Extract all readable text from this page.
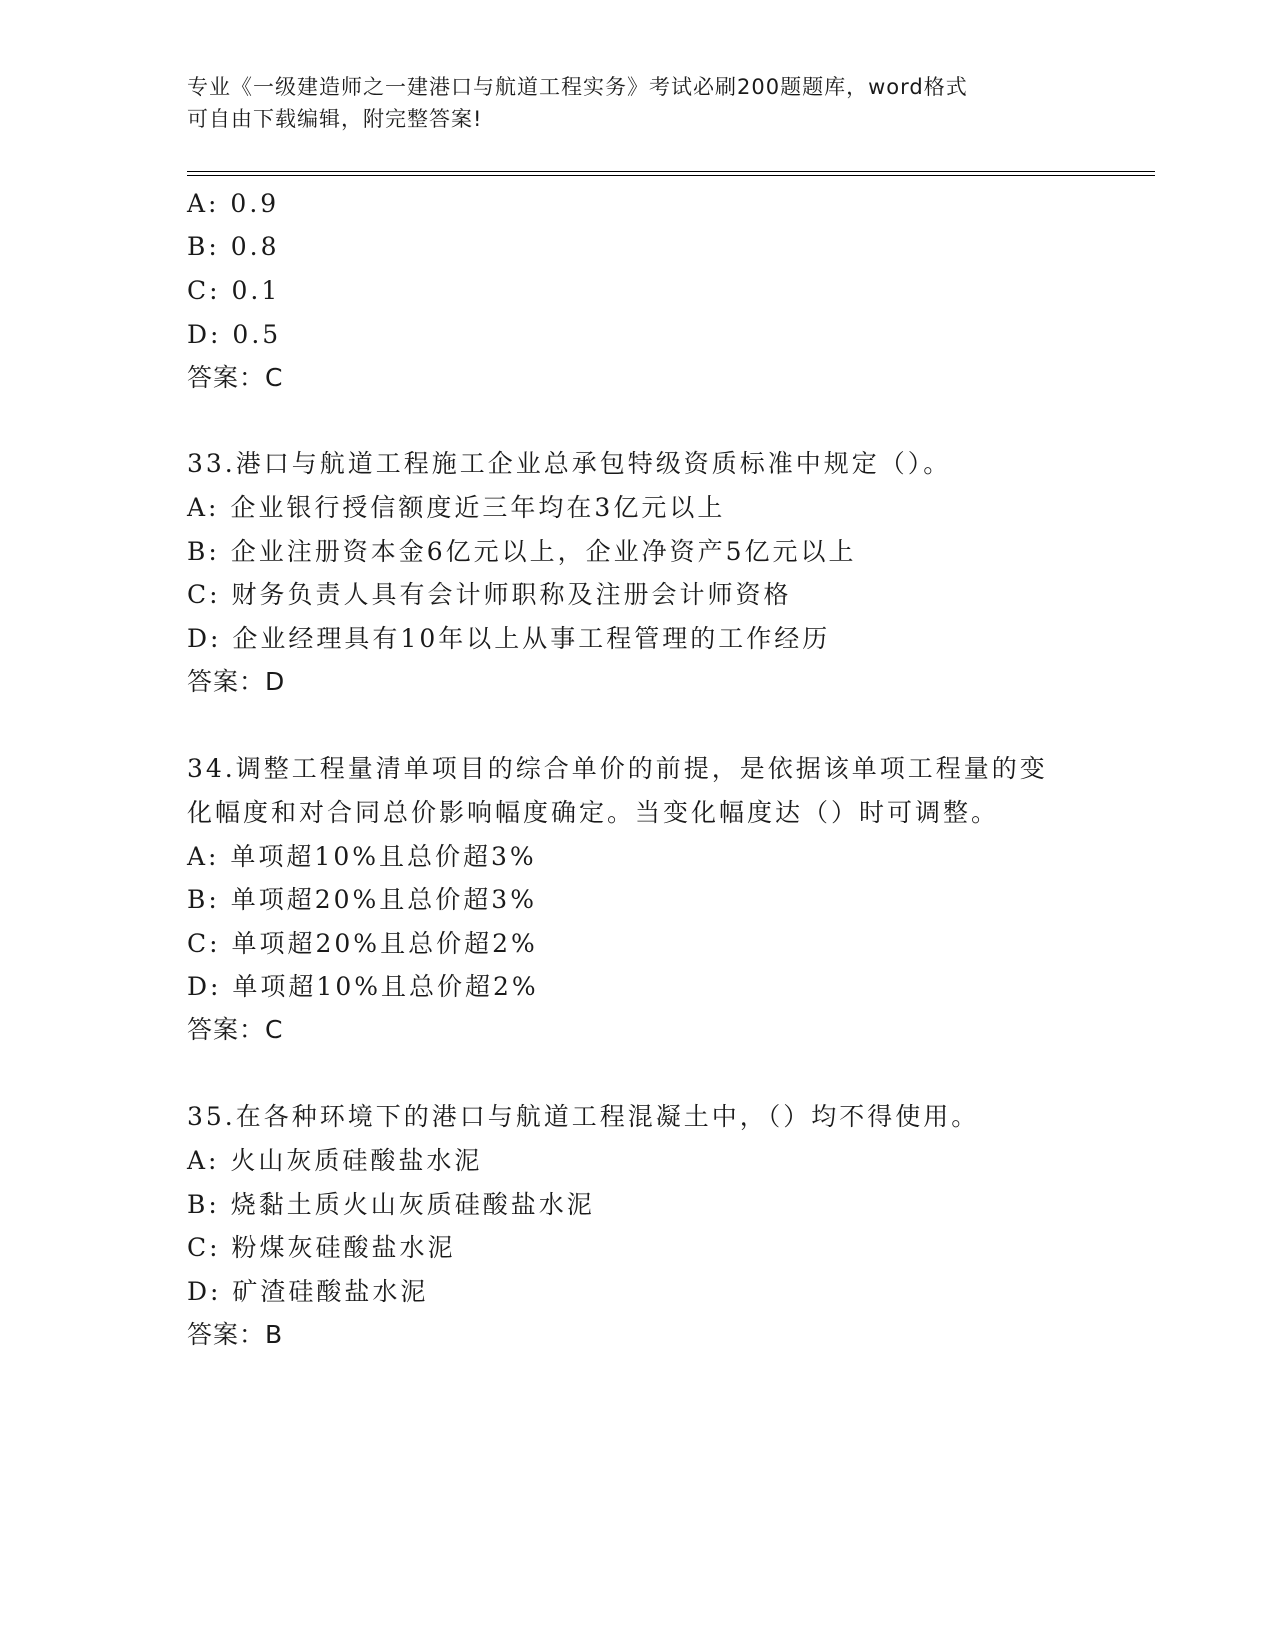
专业《一级建造师之一建港口与航道工程实务》考试必刷200题题库，word格式
可自由下载编辑，附完整答案!
A: 0.9
B: 0.8
C: 0.1
D: 0.5
答案：C
33.港口与航道工程施工企业总承包特级资质标准中规定（）。
A: 企业银行授信额度近三年均在3亿元以上
B: 企业注册资本金6亿元以上，企业净资产5亿元以上
C: 财务负责人具有会计师职称及注册会计师资格
D: 企业经理具有10年以上从事工程管理的工作经历
答案：D
34.调整工程量清单项目的综合单价的前提，是依据该单项工程量的变
化幅度和对合同总价影响幅度确定。当变化幅度达（）时可调整。
A: 单项超10%且总价超3%
B: 单项超20%且总价超3%
C: 单项超20%且总价超2%
D: 单项超10%且总价超2%
答案：C
35.在各种环境下的港口与航道工程混凝土中，（）均不得使用。
A: 火山灰质硅酸盐水泥
B: 烧黏土质火山灰质硅酸盐水泥
C: 粉煤灰硅酸盐水泥
D: 矿渣硅酸盐水泥
答案：B
